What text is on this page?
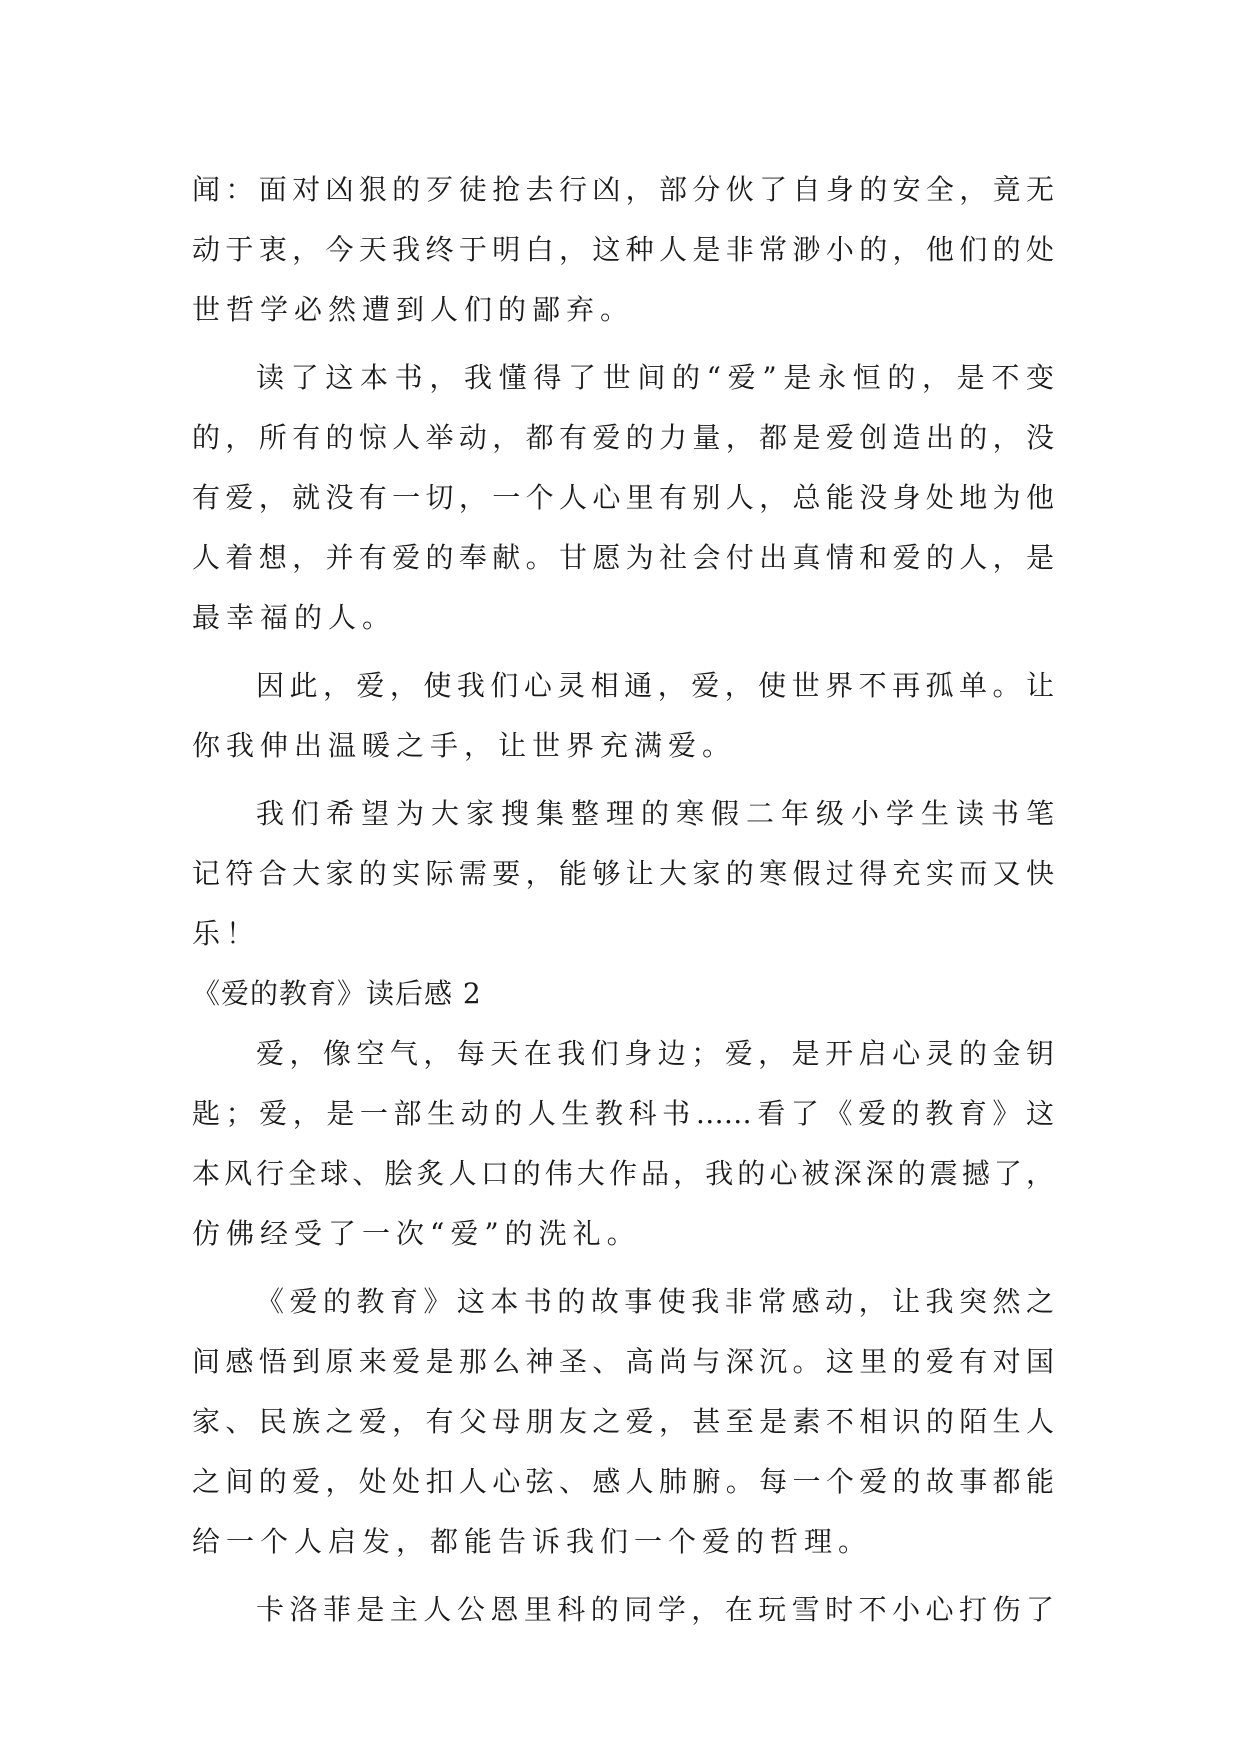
闻：面对凶狠的歹徒抢去行凶，部分伙了自身的安全，竟无
动于衷，今天我终于明白，这种人是非常渺小的，他们的处
世哲学必然遭到人们的鄙弃。
读了这本书，我懂得了世间的“爱”是永恒的，是不变
的，所有的惊人举动，都有爱的力量，都是爱创造出的，没
有爱，就没有一切，一个人心里有别人，总能没身处地为他
人着想，并有爱的奉献。甘愿为社会付出真情和爱的人，是
最幸福的人。
因此，爱，使我们心灵相通，爱，使世界不再孤单。让
你我伸出温暖之手，让世界充满爱。
我们希望为大家搜集整理的寒假二年级小学生读书笔
记符合大家的实际需要，能够让大家的寒假过得充实而又快
乐！
《爱的教育》读后感 2
爱，像空气，每天在我们身边；爱，是开启心灵的金钥
匙；爱，是一部生动的人生教科书……看了《爱的教育》这
本风行全球、脍炙人口的伟大作品，我的心被深深的震撼了，
仿佛经受了一次“爱”的洗礼。
《爱的教育》这本书的故事使我非常感动，让我突然之
间感悟到原来爱是那么神圣、高尚与深沉。这里的爱有对国
家、民族之爱，有父母朋友之爱，甚至是素不相识的陌生人
之间的爱，处处扣人心弦、感人肺腑。每一个爱的故事都能
给一个人启发，都能告诉我们一个爱的哲理。
卡洛菲是主人公恩里科的同学，在玩雪时不小心打伤了
